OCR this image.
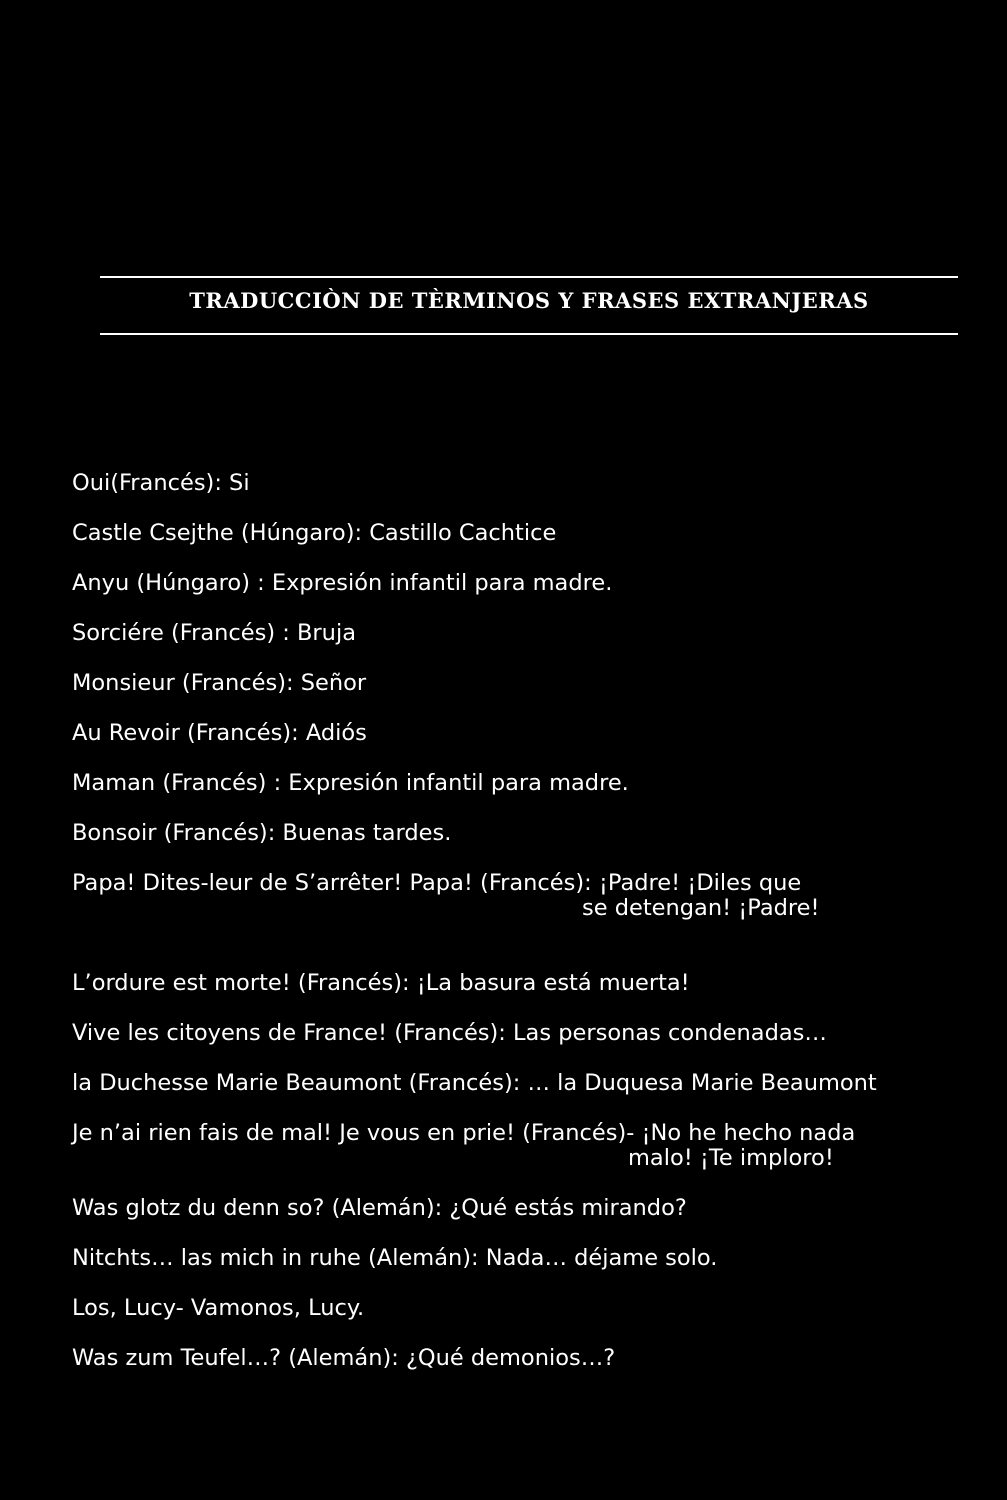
TRADUCCIÒN DE TÈRMINOS Y FRASES EXTRANJERAS
Oui(Francés): Si
Castle Csejthe (Húngaro): Castillo Cachtice
Anyu (Húngaro) : Expresión infantil para madre.
Sorciére (Francés) : Bruja
Monsieur (Francés): Señor
Au Revoir (Francés): Adiós
Maman (Francés) : Expresión infantil para madre.
Bonsoir (Francés): Buenas tardes.
Papa! Dites-leur de S’arrêter! Papa! (Francés): ¡Padre! ¡Diles que
se detengan! ¡Padre!
L’ordure est morte! (Francés): ¡La basura está muerta!
Vive les citoyens de France! (Francés): Las personas condenadas…
la Duchesse Marie Beaumont (Francés): … la Duquesa Marie Beaumont
Je n’ai rien fais de mal! Je vous en prie! (Francés)- ¡No he hecho nada
malo! ¡Te imploro!
Was glotz du denn so? (Alemán): ¿Qué estás mirando?
Nitchts… las mich in ruhe (Alemán): Nada… déjame solo.
Los, Lucy- Vamonos, Lucy.
Was zum Teufel…? (Alemán): ¿Qué demonios…?
